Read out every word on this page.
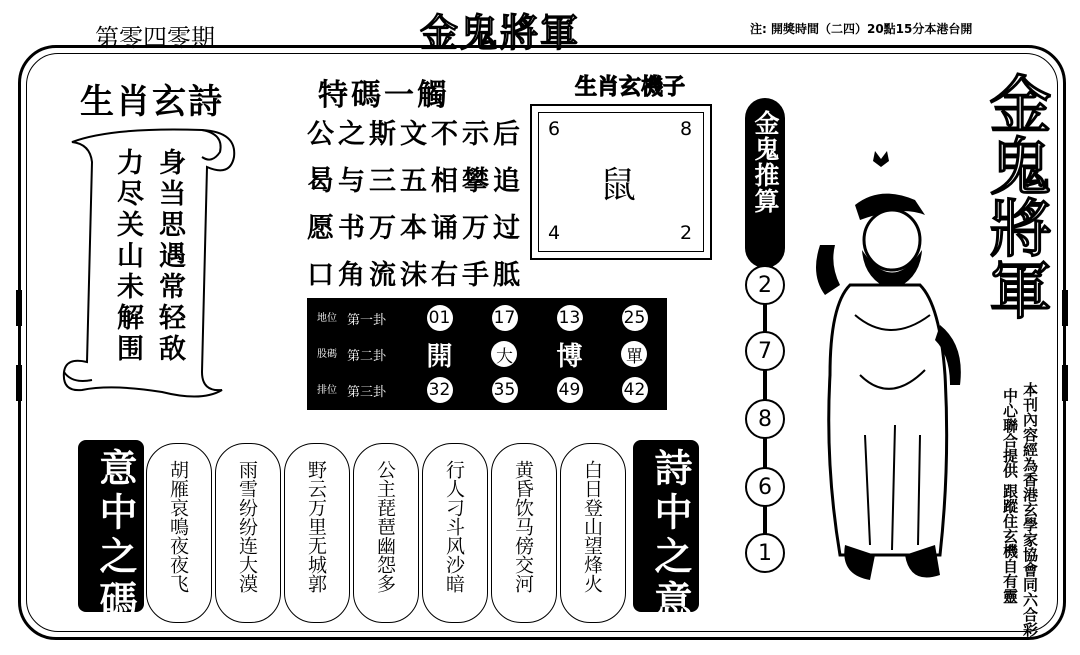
第零四零期	金鬼將軍	注: 開獎時間（二四）20點15分本港台開
生肖玄詩
身当思遇常轻敌
力尽关山未解围
特碼一觸
公 之 斯 文 不 示 后
曷 与 三 五 相 攀 追
愿 书 万 本 诵 万 过
口 角 流 沫 右 手 胝
生肖玄機子
6	8
4	2
鼠
地位 第一卦	01	17	13	25
股碼 第二卦	開	大 博	單
排位 第三卦	32	35	49	42
金鬼推算
2
7
8
6
1
金鬼將軍
本刊內容經為香港玄學家協會同六合彩
中心聯合提供 跟蹤住玄機自有靈
意中之碼	詩中之意
胡雁哀鳴夜夜飞 雨雪纷纷连大漠 野云万里无城郭 公主琵琶幽怨多 行人刁斗风沙暗 黄昏饮马傍交河 白日登山望烽火
